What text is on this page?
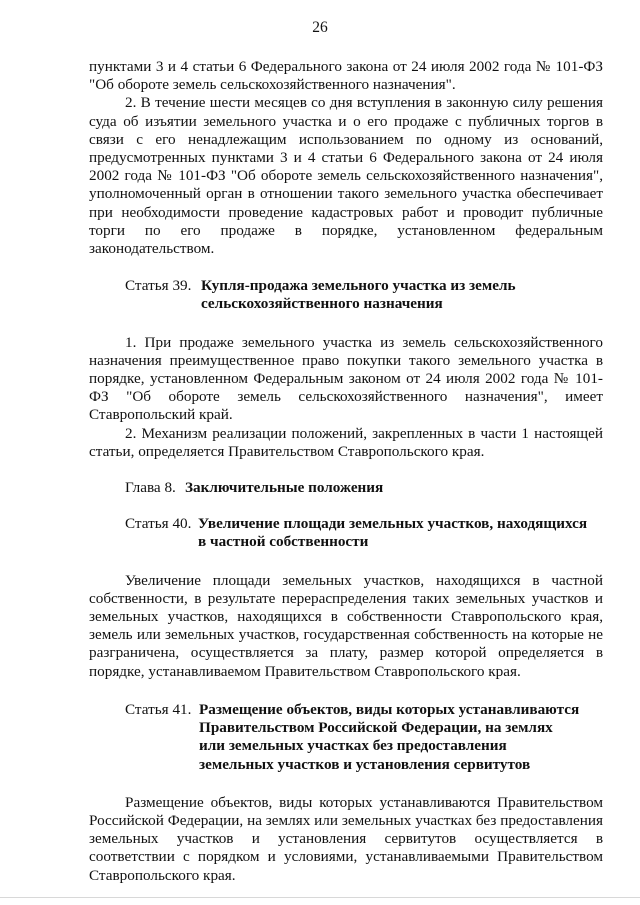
26

пунктами 3 и 4 статьи 6 Федерального закона от 24 июля 2002 года № 101-ФЗ "Об обороте земель сельскохозяйственного назначения".

2. В течение шести месяцев со дня вступления в законную силу решения суда об изъятии земельного участка и о его продаже с публичных торгов в связи с его ненадлежащим использованием по одному из оснований, предусмотренных пунктами 3 и 4 статьи 6 Федерального закона от 24 июля 2002 года № 101-ФЗ "Об обороте земель сельскохозяйственного назначения", уполномоченный орган в отношении такого земельного участка обеспечивает при необходимости проведение кадастровых работ и проводит публичные торги по его продаже в порядке, установленном федеральным законодательством.

Статья 39. Купля-продажа земельного участка из земель
сельскохозяйственного назначения

1. При продаже земельного участка из земель сельскохозяйственного назначения преимущественное право покупки такого земельного участка в порядке, установленном Федеральным законом от 24 июля 2002 года № 101-ФЗ "Об обороте земель сельскохозяйственного назначения", имеет Ставропольский край.

2. Механизм реализации положений, закрепленных в части 1 настоящей статьи, определяется Правительством Ставропольского края.

Глава 8. Заключительные положения
Статья 40. Увеличение площади земельных участков, находящихся
в частной собственности

Увеличение площади земельных участков, находящихся в частной собственности, в результате перераспределения таких земельных участков и земельных участков, находящихся в собственности Ставропольского края, земель или земельных участков, государственная собственность на которые не разграничена, осуществляется за плату, размер которой определяется в порядке, устанавливаемом Правительством Ставропольского края.

Статья 41. Размещение объектов, виды которых устанавливаются
Правительством Российской Федерации, на землях
или земельных участках без предоставления
земельных участков и установления сервитутов

Размещение объектов, виды которых устанавливаются Правительством Российской Федерации, на землях или земельных участках без предоставления земельных участков и установления сервитутов осуществляется в соответствии с порядком и условиями, устанавливаемыми Правительством Ставропольского края.
